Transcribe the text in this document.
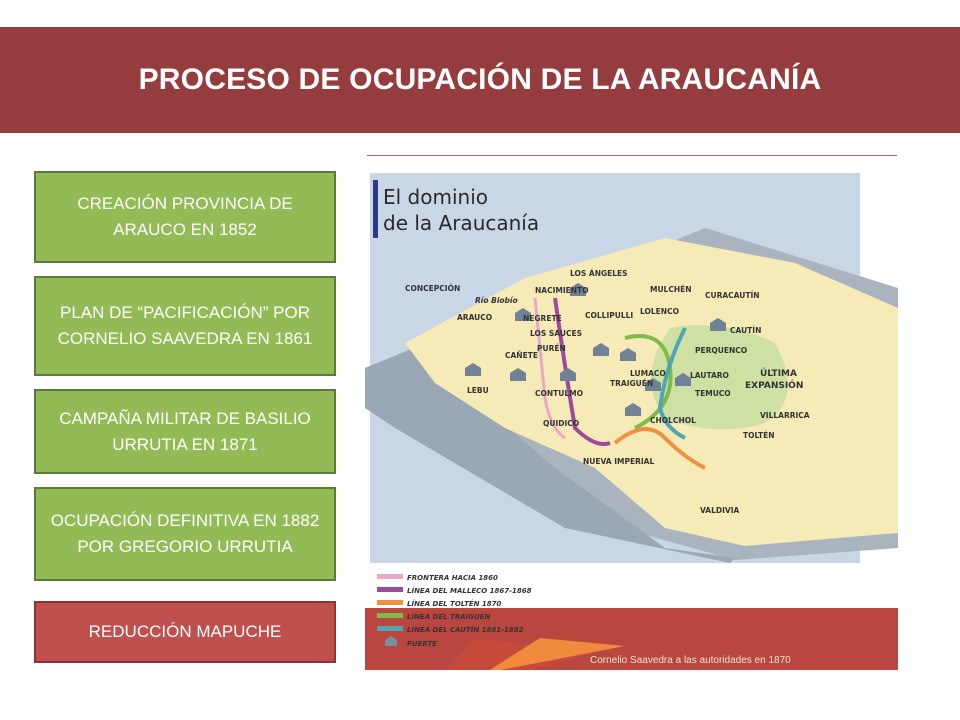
PROCESO DE OCUPACIÓN DE LA ARAUCANÍA
CREACIÓN PROVINCIA DE ARAUCO EN 1852
PLAN DE “PACIFICACIÓN” POR CORNELIO SAAVEDRA EN 1861
CAMPAÑA MILITAR DE BASILIO URRUTIA EN 1871
OCUPACIÓN DEFINITIVA EN 1882 POR GREGORIO URRUTIA
REDUCCIÓN MAPUCHE
El dominio
de la Araucanía
CONCEPCIÓN
LOS ÁNGELES
NACIMIENTO
Río Biobío
MULCHÉN
ARAUCO	NEGRETE	COLLIPULLI LOLENCO
CURACAUTÍN
CAUTÍN
LOS SAUCES
PURÉN
CAÑETE
PERQUENCO
LUMACO
TRAIGUÉN
LAUTARO
LEBU	CONTULMO	TEMUCO
QUIDICO	CHOLCHOL
VILLARRICA
TOLTÉN
NUEVA IMPERIAL
VALDIVIA
ÚLTIMA
EXPANSIÓN
FRONTERA HACIA 1860
LÍNEA DEL MALLECO 1867-1868
LÍNEA DEL TOLTÉN 1870
LÍNEA DEL TRAIGUÉN
LÍNEA DEL CAUTÍN 1881-1882
FUERTE
Cornelio Saavedra a las autoridades en 1870
